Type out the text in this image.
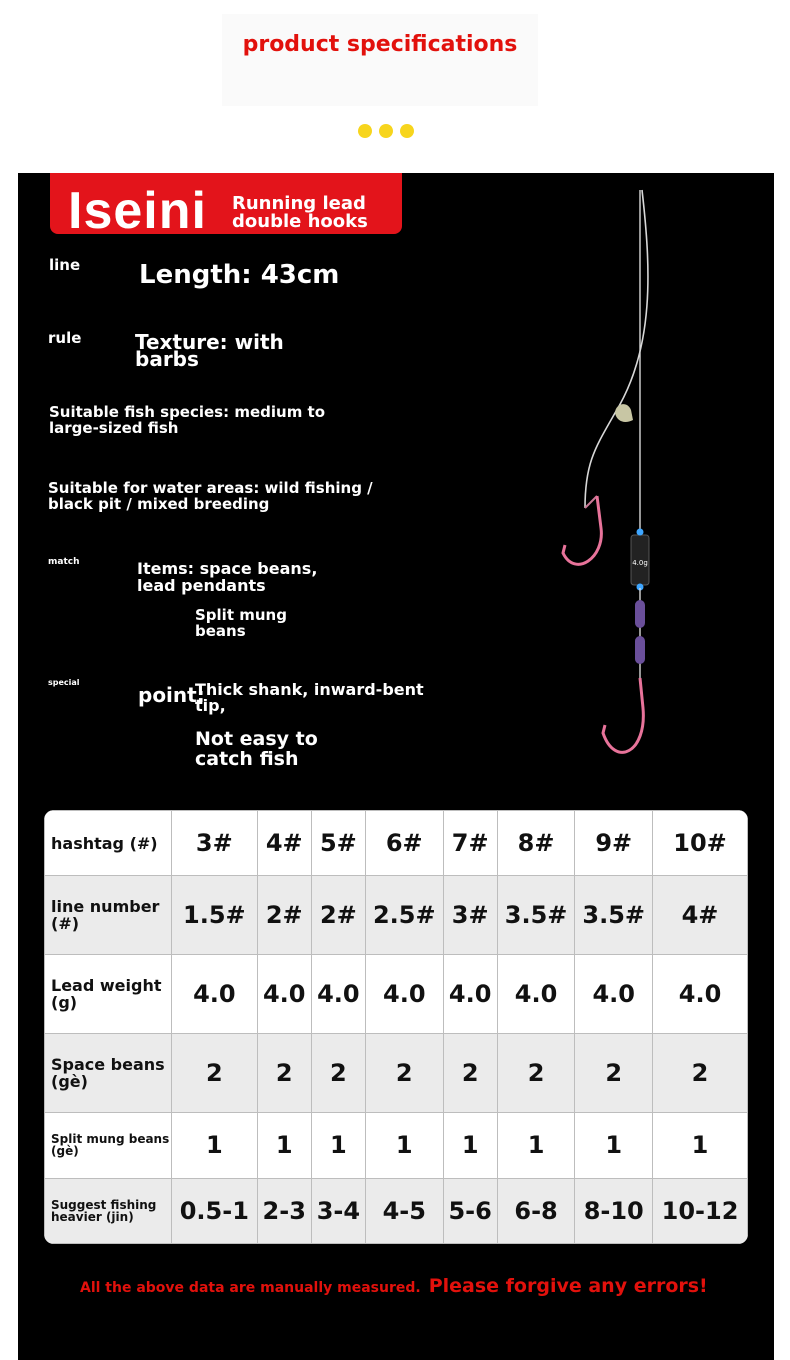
product specifications
Iseini Running lead double hooks
line Length: 43cm
rule	Texture: with barbs
Suitable fish species: medium to large-sized fish
Suitable for water areas: wild fishing / black pit / mixed breeding
match	Items: space beans, lead pendants
Split mung beans
special
point:
Thick shank, inward-bent tip,
Not easy to catch fish
4.0g
hashtag (#)	3#	4#	5#	6#	7#	8#	9#	10#
line number (#)	1.5#	2#	2#	2.5#	3#	3.5#	3.5#	4#
Lead weight (g)	4.0	4.0	4.0	4.0	4.0	4.0	4.0	4.0
Space beans (gè)	2	2	2	2	2	2	2	2
Split mung beans (gè)	1	1	1	1	1	1	1	1
Suggest fishing heavier (jin)	0.5-1	2-3	3-4	4-5	5-6	6-8	8-10	10-12
All the above data are manually measured. Please forgive any errors!
